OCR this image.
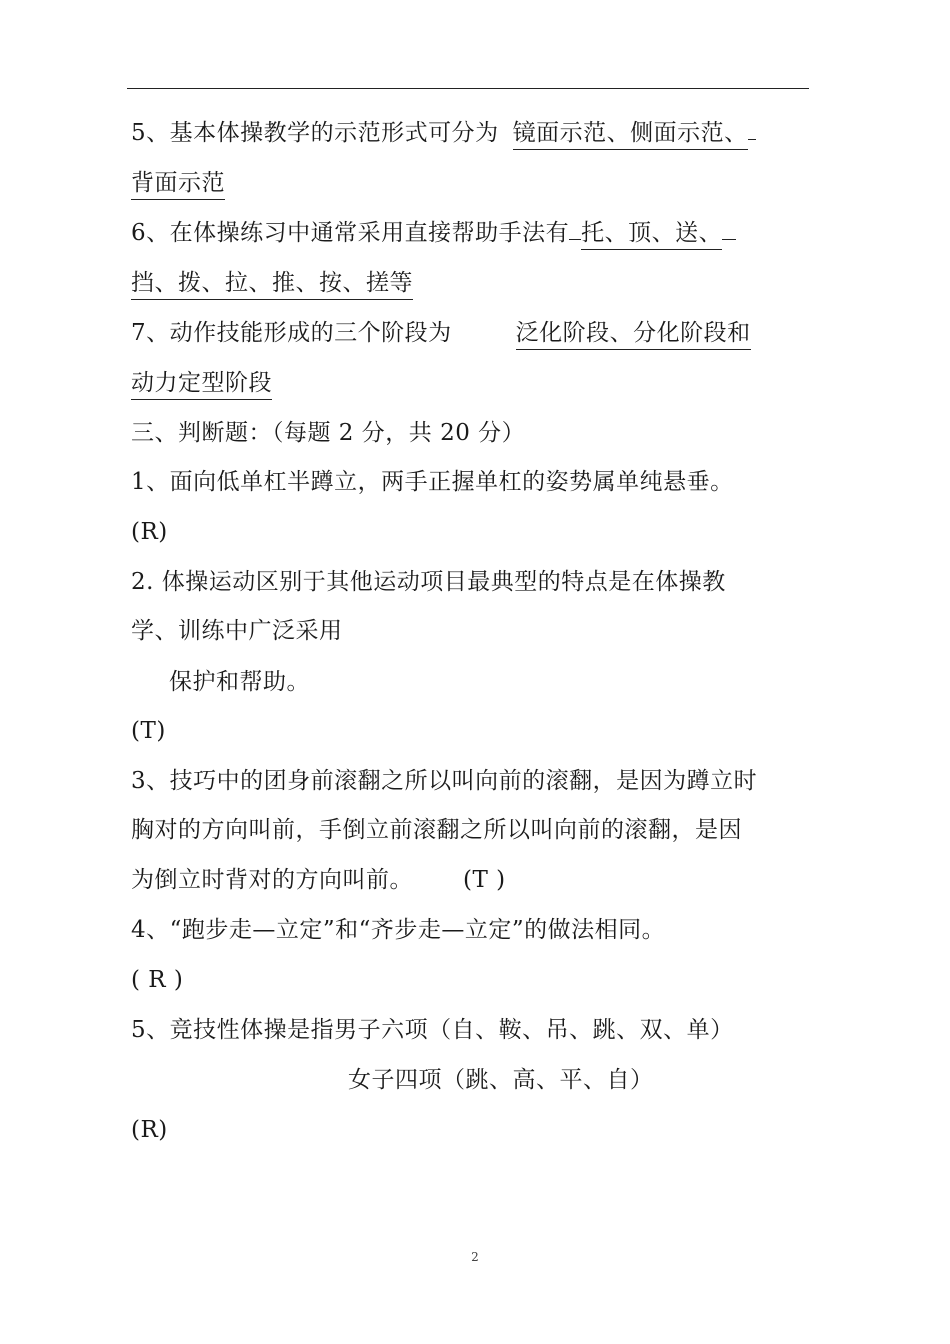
5、基本体操教学的示范形式可分为 镜面示范、侧面示范、
背面示范
6、在体操练习中通常采用直接帮助手法有 托、顶、送、
挡、拨、拉、推、按、搓等
7、动作技能形成的三个阶段为	泛化阶段、分化阶段和
动力定型阶段
三、判断题：（每题 2 分，共 20 分）
1、面向低单杠半蹲立，两手正握单杠的姿势属单纯悬垂。
(R)
2. 体操运动区别于其他运动项目最典型的特点是在体操教
学、训练中广泛采用
保护和帮助。
(T)
3、技巧中的团身前滚翻之所以叫向前的滚翻，是因为蹲立时
胸对的方向叫前，手倒立前滚翻之所以叫向前的滚翻，是因
为倒立时背对的方向叫前。 (T )
4、“跑步走—立定”和“齐步走—立定”的做法相同。
( R )
5、竞技性体操是指男子六项（自、鞍、吊、跳、双、单）
女子四项（跳、高、平、自）
(R)
2
